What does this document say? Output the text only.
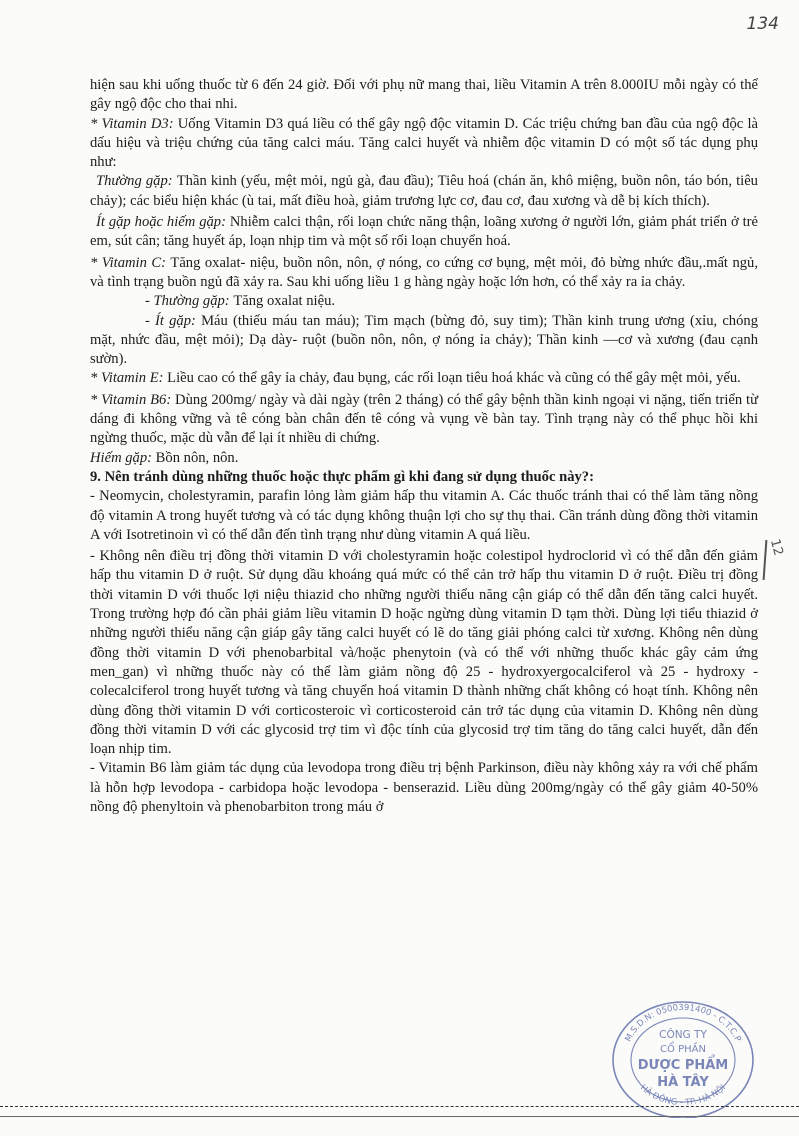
134

hiện sau khi uống thuốc từ 6 đến 24 giờ. Đối với phụ nữ mang thai, liều Vitamin A trên 8.000IU mỗi ngày có thể gây ngộ độc cho thai nhi.

* Vitamin D3: Uống Vitamin D3 quá liều có thể gây ngộ độc vitamin D. Các triệu chứng ban đầu của ngộ độc là dấu hiệu và triệu chứng của tăng calci máu. Tăng calci huyết và nhiễm độc vitamin D có một số tác dụng phụ như:

Thường gặp: Thần kinh (yếu, mệt mỏi, ngủ gà, đau đầu); Tiêu hoá (chán ăn, khô miệng, buồn nôn, táo bón, tiêu chảy); các biểu hiện khác (ù tai, mất điều hoà, giảm trương lực cơ, đau cơ, đau xương và dễ bị kích thích).

Ít gặp hoặc hiếm gặp: Nhiễm calci thận, rối loạn chức năng thận, loãng xương ở người lớn, giảm phát triển ở trẻ em, sút cân; tăng huyết áp, loạn nhịp tim và một số rối loạn chuyển hoá.

* Vitamin C: Tăng oxalat- niệu, buồn nôn, nôn, ợ nóng, co cứng cơ bụng, mệt mỏi, đỏ bừng nhức đầu,.mất ngủ, và tình trạng buồn ngủ đã xảy ra. Sau khi uống liều 1 g hàng ngày hoặc lớn hơn, có thể xảy ra ỉa chảy.

- Thường gặp: Tăng oxalat niệu.

- Ít gặp: Máu (thiếu máu tan máu); Tim mạch (bừng đỏ, suy tim); Thần kinh trung ương (xỉu, chóng mặt, nhức đầu, mệt mỏi); Dạ dày- ruột (buồn nôn, nôn, ợ nóng ỉa chảy); Thần kinh —cơ và xương (đau cạnh sườn).

* Vitamin E: Liều cao có thể gây ỉa chảy, đau bụng, các rối loạn tiêu hoá khác và cũng có thể gây mệt mỏi, yếu.

* Vitamin B6: Dùng 200mg/ ngày và dài ngày (trên 2 tháng) có thể gây bệnh thần kinh ngoại vi nặng, tiến triển từ dáng đi không vững và tê cóng bàn chân đến tê cóng và vụng về bàn tay. Tình trạng này có thể phục hồi khi ngừng thuốc, mặc dù vẫn để lại ít nhiều di chứng.

Hiếm gặp: Bồn nôn, nôn.

9. Nên tránh dùng những thuốc hoặc thực phẩm gì khi đang sử dụng thuốc này?:

- Neomycin, cholestyramin, parafin lỏng làm giảm hấp thu vitamin A. Các thuốc tránh thai có thể làm tăng nồng độ vitamin A trong huyết tương và có tác dụng không thuận lợi cho sự thụ thai. Cần tránh dùng đồng thời vitamin A với Isotretinoin vì có thể dẫn đến tình trạng như dùng vitamin A quá liều.

- Không nên điều trị đồng thời vitamin D với cholestyramin hoặc colestipol hydroclorid vì có thể dẫn đến giảm hấp thu vitamin D ở ruột. Sử dụng dầu khoáng quá mức có thể cản trở hấp thu vitamin D ở ruột. Điều trị đồng thời vitamin D với thuốc lợi niệu thiazid cho những người thiểu năng cận giáp có thể dẫn đến tăng calci huyết. Trong trường hợp đó cần phải giảm liều vitamin D hoặc ngừng dùng vitamin D tạm thời. Dùng lợi tiểu thiazid ở những người thiểu năng cận giáp gây tăng calci huyết có lẽ do tăng giải phóng calci từ xương. Không nên dùng đồng thời vitamin D với phenobarbital và/hoặc phenytoin (và có thể với những thuốc khác gây cảm ứng men_gan) vì những thuốc này có thể làm giảm nồng độ 25 - hydroxyergocalciferol và 25 - hydroxy - colecalciferol trong huyết tương và tăng chuyển hoá vitamin D thành những chất không có hoạt tính. Không nên dùng đồng thời vitamin D với corticosteroic vì corticosteroid cản trở tác dụng của vitamin D. Không nên dùng đồng thời vitamin D với các glycosid trợ tim vì độc tính của glycosid trợ tim tăng do tăng calci huyết, dẫn đến loạn nhịp tim.

- Vitamin B6 làm giảm tác dụng của levodopa trong điều trị bệnh Parkinson, điều này không xảy ra với chế phẩm là hỗn hợp levodopa - carbidopa hoặc levodopa - benserazid. Liều dùng 200mg/ngày có thể gây giảm 40-50% nồng độ phenyltoin và phenobarbiton trong máu ở

12
M.S.D.N: 0500391400 - C.T.C.P
HÀ ĐÔNG - TP. HÀ NỘI
CÔNG TY
CỔ PHẦN
DƯỢC PHẨM
HÀ TÂY
